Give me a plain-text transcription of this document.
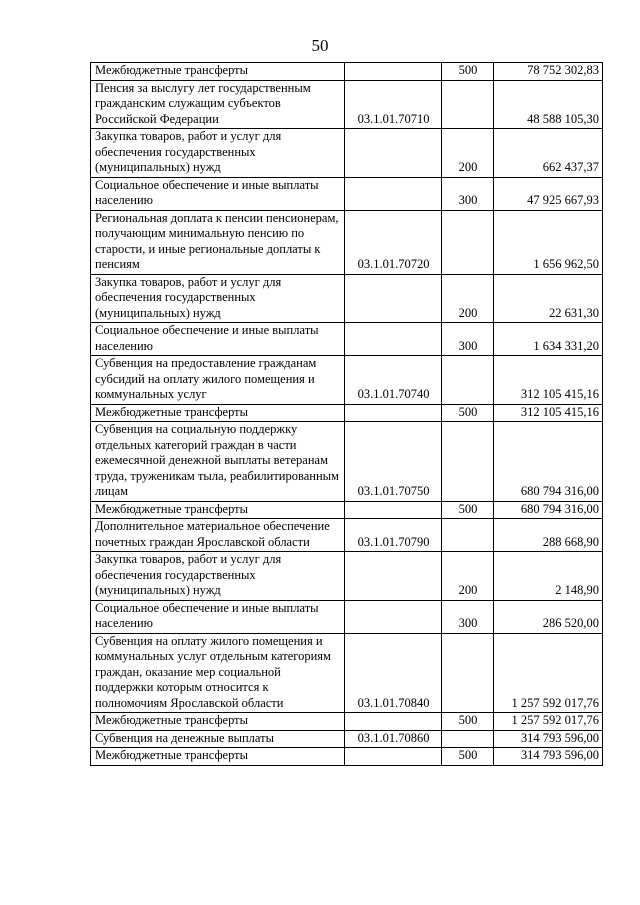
50
Межбюджетные трансферты		500	78 752 302,83
Пенсия за выслугу лет государственным гражданским служащим субъектов Российской Федерации	03.1.01.70710		48 588 105,30
Закупка товаров, работ и услуг для обеспечения государственных (муниципальных) нужд		200	662 437,37
Социальное обеспечение и иные выплаты населению		300	47 925 667,93
Региональная доплата к пенсии пенсионерам, получающим минимальную пенсию по старости, и иные региональные доплаты к пенсиям	03.1.01.70720		1 656 962,50
Закупка товаров, работ и услуг для обеспечения государственных (муниципальных) нужд		200	22 631,30
Социальное обеспечение и иные выплаты населению		300	1 634 331,20
Субвенция на предоставление гражданам субсидий на оплату жилого помещения и коммунальных услуг	03.1.01.70740		312 105 415,16
Межбюджетные трансферты		500	312 105 415,16
Субвенция на социальную поддержку отдельных категорий граждан в части ежемесячной денежной выплаты ветеранам труда, труженикам тыла, реабилитированным лицам	03.1.01.70750		680 794 316,00
Межбюджетные трансферты		500	680 794 316,00
Дополнительное материальное обеспечение почетных граждан Ярославской области	03.1.01.70790		288 668,90
Закупка товаров, работ и услуг для обеспечения государственных (муниципальных) нужд		200	2 148,90
Социальное обеспечение и иные выплаты населению		300	286 520,00
Субвенция на оплату жилого помещения и коммунальных услуг отдельным категориям граждан, оказание мер социальной поддержки которым относится к полномочиям Ярославской области	03.1.01.70840		1 257 592 017,76
Межбюджетные трансферты		500	1 257 592 017,76
Субвенция на денежные выплаты	03.1.01.70860		314 793 596,00
Межбюджетные трансферты		500	314 793 596,00
